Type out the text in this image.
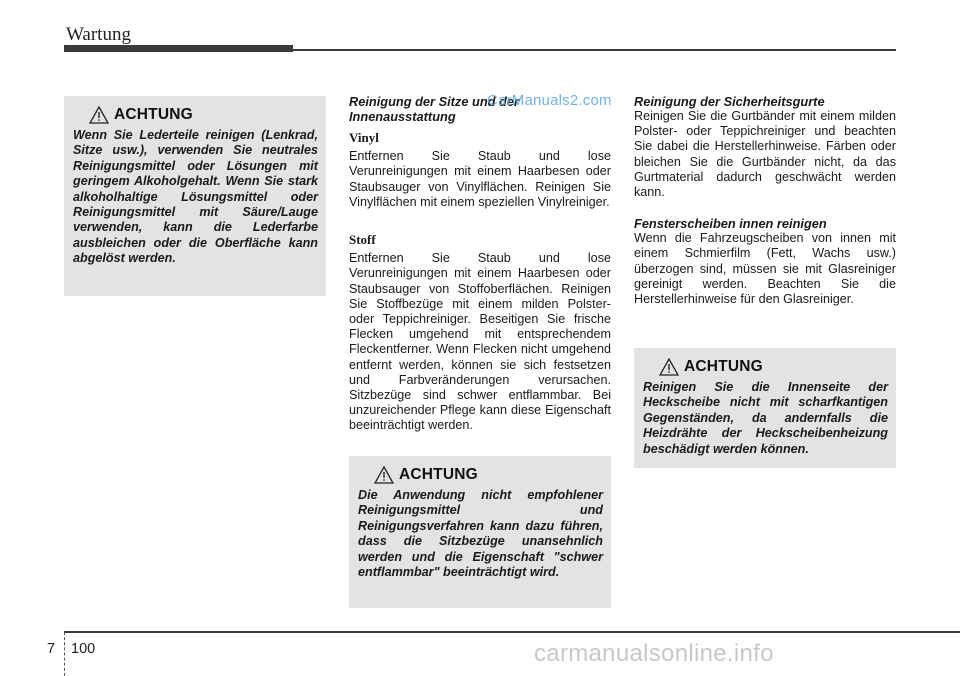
Wartung
ACHTUNG

Wenn Sie Lederteile reinigen (Lenkrad, Sitze usw.), verwenden Sie neutrales Reinigungsmittel oder Lösungen mit geringem Alkoholgehalt. Wenn Sie stark alkoholhaltige Lösungsmittel oder Reinigungsmittel mit Säure/Lauge verwenden, kann die Lederfarbe ausbleichen oder die Oberfläche kann abgelöst werden.

Reinigung der Sitze und der Innenausstattung

Vinyl

Entfernen Sie Staub und lose Verunreinigungen mit einem Haarbesen oder Staubsauger von Vinylflächen. Reinigen Sie Vinylflächen mit einem speziellen Vinylreiniger.

Stoff

Entfernen Sie Staub und lose Verunreinigungen mit einem Haarbesen oder Staubsauger von Stoffoberflächen. Reinigen Sie Stoffbezüge mit einem milden Polster- oder Teppichreiniger. Beseitigen Sie frische Flecken umgehend mit entsprechendem Fleckentferner. Wenn Flecken nicht umgehend entfernt werden, können sie sich festsetzen und Farbveränderungen verursachen. Sitzbezüge sind schwer entflammbar. Bei unzureichender Pflege kann diese Eigenschaft beeinträchtigt werden.

ACHTUNG

Die Anwendung nicht empfohlener Reinigungsmittel und Reinigungsverfahren kann dazu führen, dass die Sitzbezüge unansehnlich werden und die Eigenschaft "schwer entflammbar" beeinträchtigt wird.

Reinigung der Sicherheitsgurte

Reinigen Sie die Gurtbänder mit einem milden Polster- oder Teppichreiniger und beachten Sie dabei die Herstellerhinweise. Färben oder bleichen Sie die Gurtbänder nicht, da das Gurtmaterial dadurch geschwächt werden kann.

Fensterscheiben innen reinigen

Wenn die Fahrzeugscheiben von innen mit einem Schmierfilm (Fett, Wachs usw.) überzogen sind, müssen sie mit Glasreiniger gereinigt werden. Beachten Sie die Herstellerhinweise für den Glasreiniger.

ACHTUNG

Reinigen Sie die Innenseite der Heckscheibe nicht mit scharfkantigen Gegenständen, da andernfalls die Heizdrähte der Heckscheibenheizung beschädigt werden können.

CarManuals2.com
7 100	carmanualsonline.info
